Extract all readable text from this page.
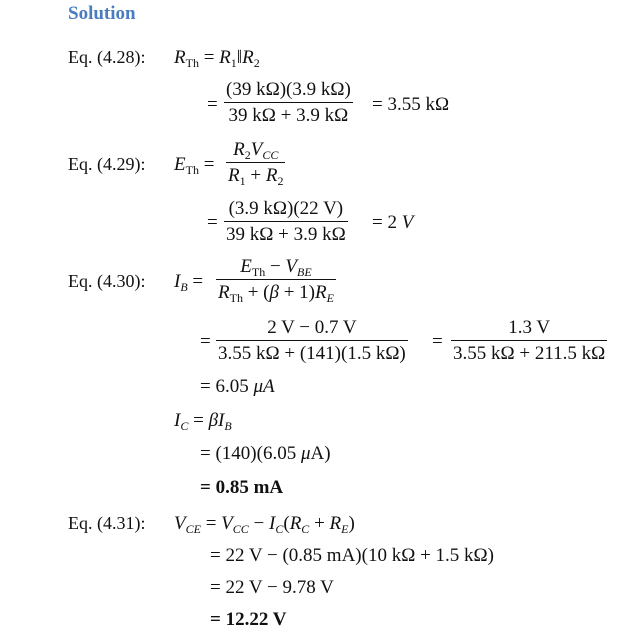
Solution
Eq. (4.28): $R_{Th}$ = $R_1‖R_2$
=
(39 kΩ)(3.9 kΩ)
39 kΩ + 3.9 kΩ
= 3.55 kΩ
Eq. (4.29): $E_{Th}$ =
$R_2V_{CC}$
$R_1 + R_2$
=
(3.9 kΩ)(22 V)
39 kΩ + 3.9 kΩ
= 2 V
Eq. (4.30): $I_B$ =
$E_{Th} - V_{BE}$
$R_{Th} + (\beta + 1)R_E$
=
2 V − 0.7 V
3.55 kΩ + (141)(1.5 kΩ)
=
1.3 V
3.55 kΩ + 211.5 kΩ
= 6.05 μA
$I_C = \beta I_B$
= (140)(6.05 μA)
= 0.85 mA
Eq. (4.31): $V_{CE} = V_{CC} - I_C(R_C + R_E)$
= 22 V − (0.85 mA)(10 kΩ + 1.5 kΩ)
= 22 V − 9.78 V
= 12.22 V
